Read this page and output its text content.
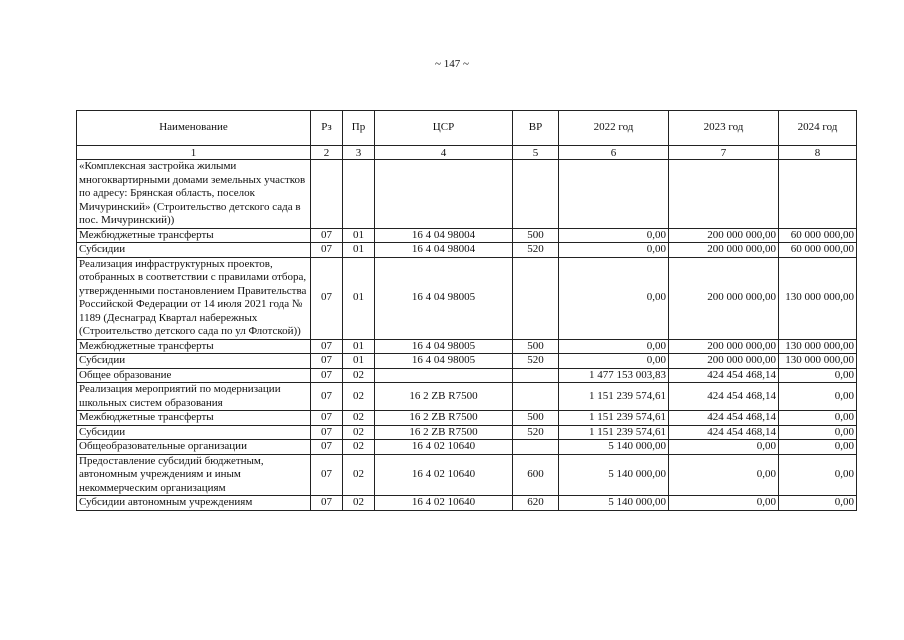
~ 147 ~
Наименование	Рз	Пр	ЦСР	ВР	2022 год	2023 год	2024 год
1	2	3	4	5	6	7	8
«Комплексная застройка жилыми многоквартирными домами земельных участков по адресу: Брянская область, поселок Мичуринский» (Строительство детского сада в пос. Мичуринский))							
Межбюджетные трансферты	07	01	16 4 04 98004	500	0,00	200 000 000,00	60 000 000,00
Субсидии	07	01	16 4 04 98004	520	0,00	200 000 000,00	60 000 000,00
Реализация инфраструктурных проектов, отобранных в соответствии с правилами отбора, утвержденными постановлением Правительства Российской Федерации от 14 июля 2021 года № 1189 (Деснаград Квартал набережных (Строительство детского сада по ул Флотской))	07	01	16 4 04 98005		0,00	200 000 000,00	130 000 000,00
Межбюджетные трансферты	07	01	16 4 04 98005	500	0,00	200 000 000,00	130 000 000,00
Субсидии	07	01	16 4 04 98005	520	0,00	200 000 000,00	130 000 000,00
Общее образование	07	02			1 477 153 003,83	424 454 468,14	0,00
Реализация мероприятий по модернизации школьных систем образования	07	02	16 2 ZB R7500		1 151 239 574,61	424 454 468,14	0,00
Межбюджетные трансферты	07	02	16 2 ZB R7500	500	1 151 239 574,61	424 454 468,14	0,00
Субсидии	07	02	16 2 ZB R7500	520	1 151 239 574,61	424 454 468,14	0,00
Общеобразовательные организации	07	02	16 4 02 10640		5 140 000,00	0,00	0,00
Предоставление субсидий бюджетным, автономным учреждениям и иным некоммерческим организациям	07	02	16 4 02 10640	600	5 140 000,00	0,00	0,00
Субсидии автономным учреждениям	07	02	16 4 02 10640	620	5 140 000,00	0,00	0,00
